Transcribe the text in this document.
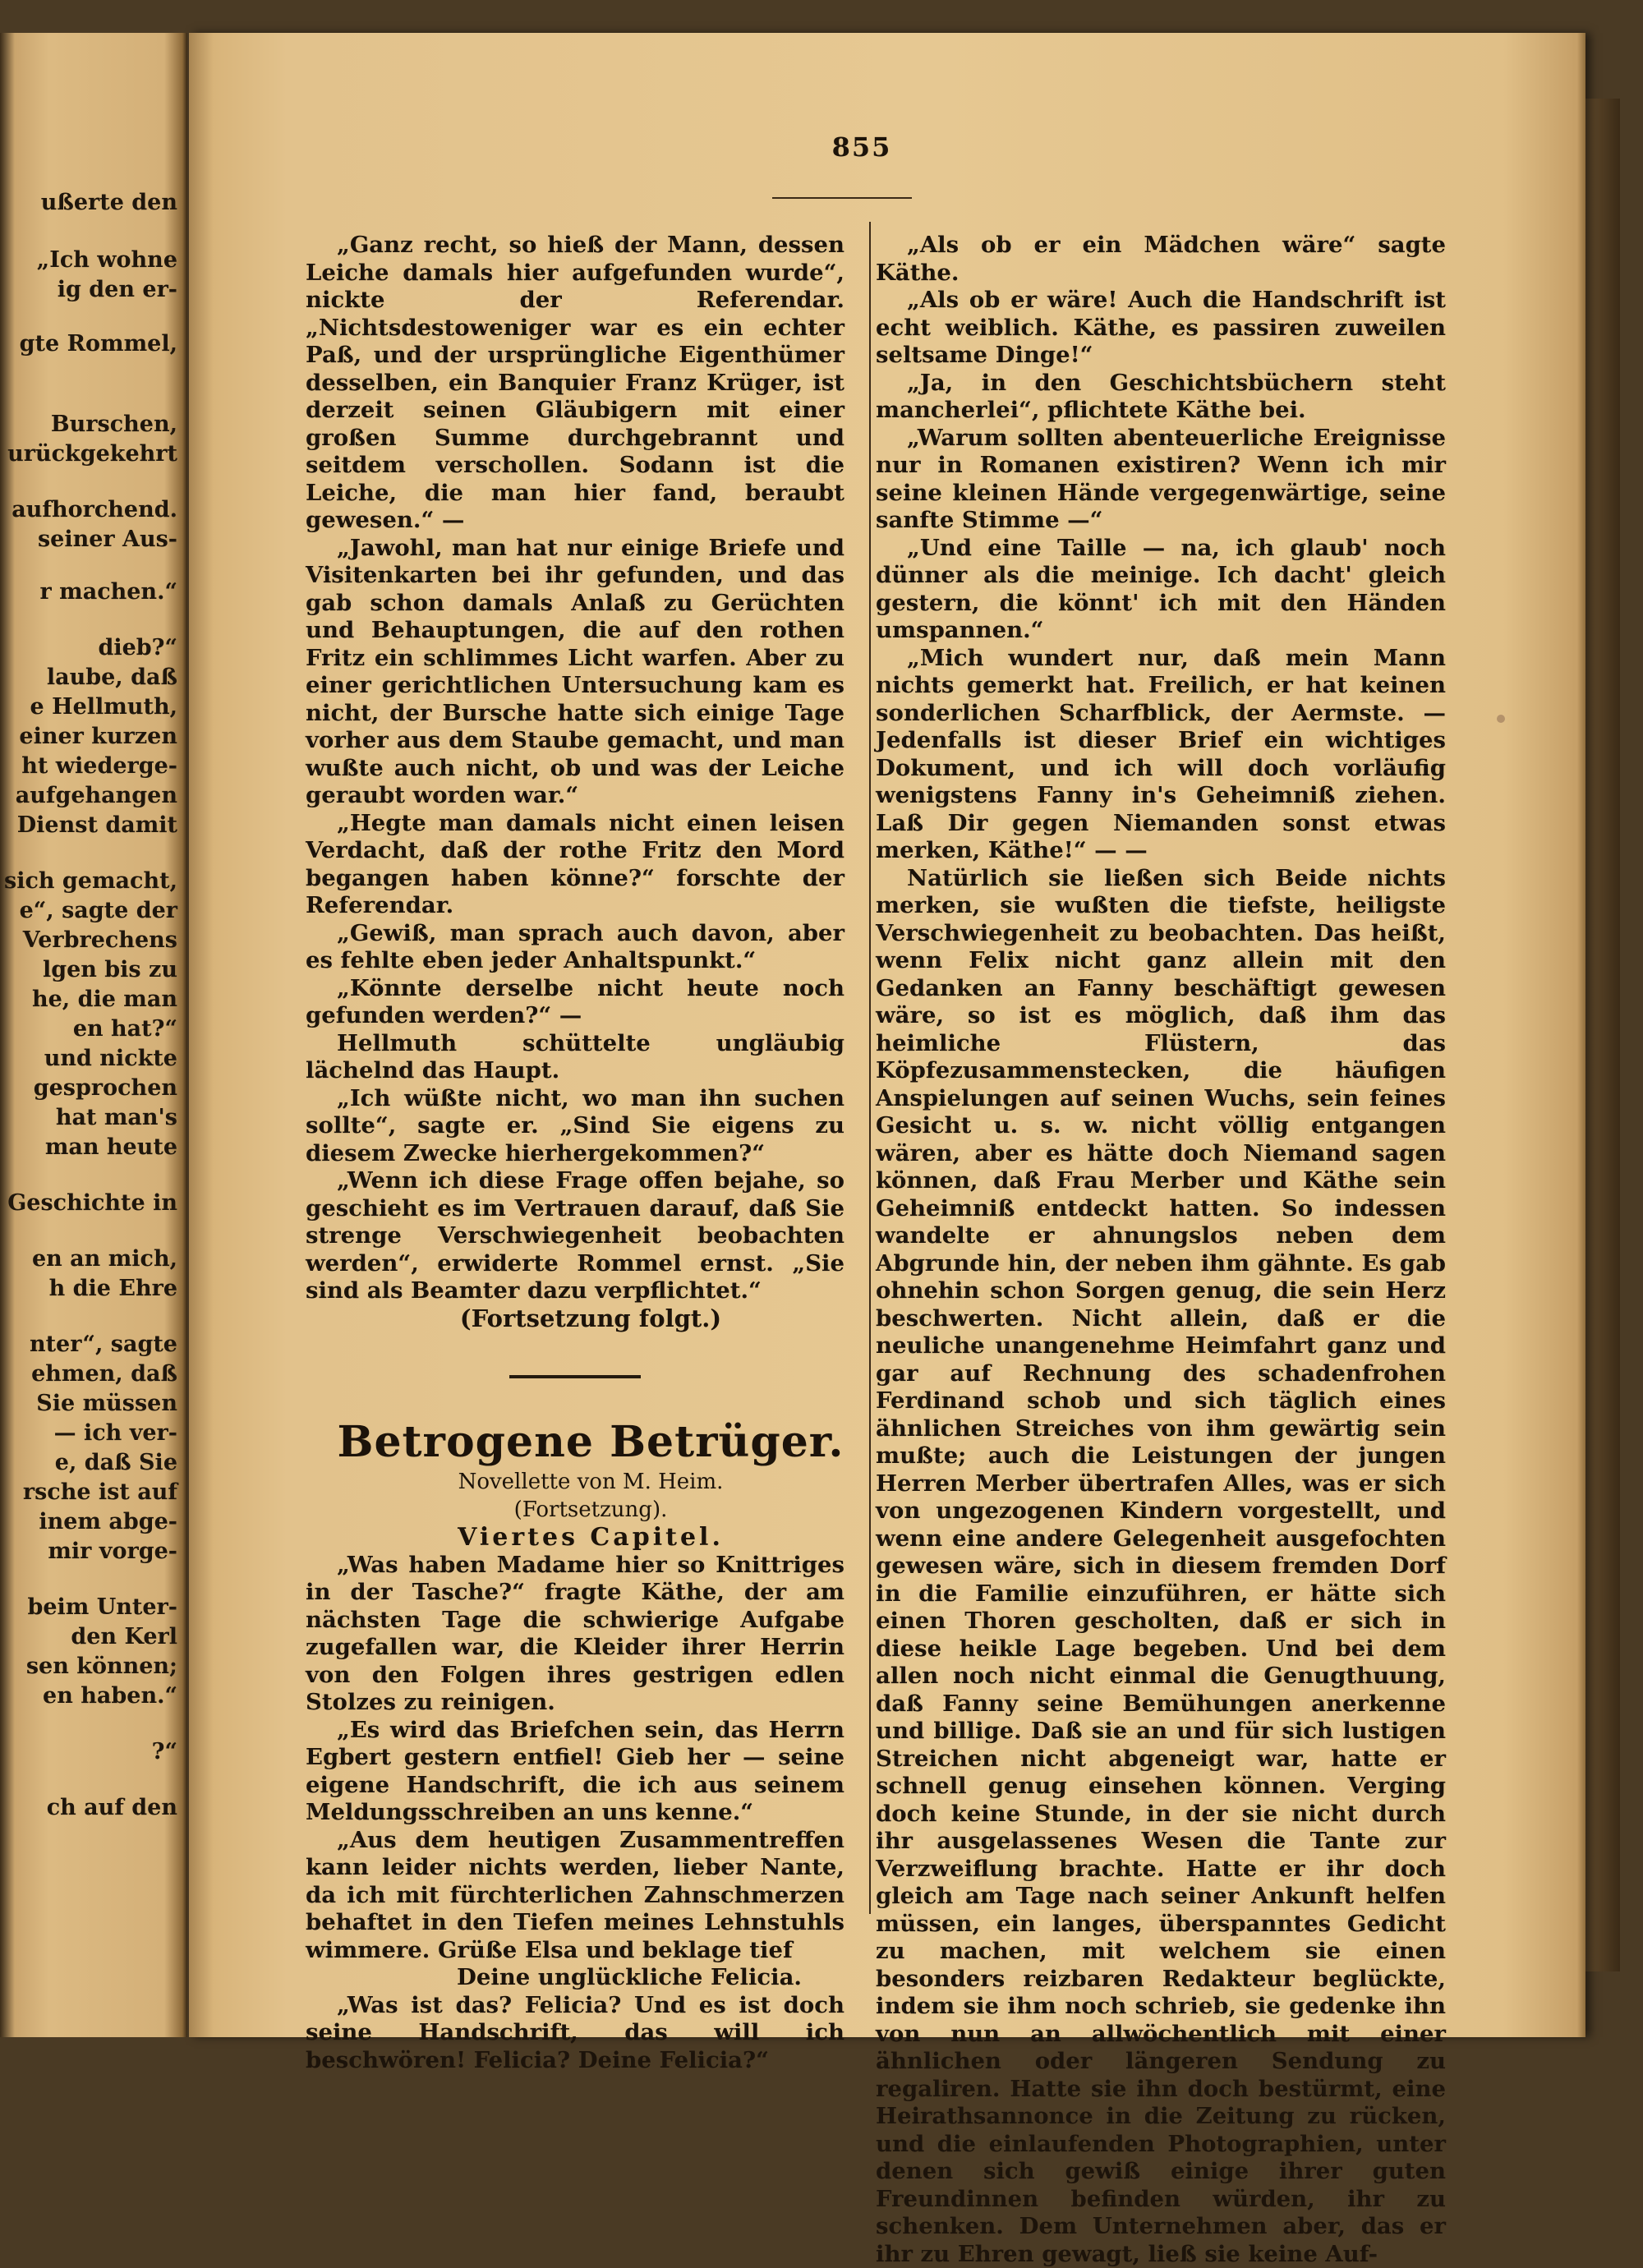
ußerte den
„Ich wohne
ig den er-
gte Rommel,
Burschen,
urückgekehrt
aufhorchend.
seiner Aus-
r machen.“
dieb?“
laube, daß
e Hellmuth,
einer kurzen
ht wiederge-
aufgehangen
Dienst damit
sich gemacht,
e“, sagte der
Verbrechens
lgen bis zu
he, die man
en hat?“
und nickte
gesprochen
hat man's
man heute
Geschichte in
en an mich,
h die Ehre
nter“, sagte
ehmen, daß
Sie müssen
— ich ver-
e, daß Sie
rsche ist auf
inem abge-
mir vorge-
beim Unter-
den Kerl
sen können;
en haben.“
?“
ch auf den
855

„Ganz recht, so hieß der Mann, dessen Leiche damals hier aufgefunden wurde“, nickte der Referendar. „Nichtsdestoweniger war es ein echter Paß, und der ursprüngliche Eigenthümer desselben, ein Banquier Franz Krüger, ist derzeit seinen Gläubigern mit einer großen Summe durchgebrannt und seitdem verschollen. Sodann ist die Leiche, die man hier fand, beraubt gewesen.“ —

„Jawohl, man hat nur einige Briefe und Visitenkarten bei ihr gefunden, und das gab schon damals Anlaß zu Gerüchten und Behauptungen, die auf den rothen Fritz ein schlimmes Licht warfen. Aber zu einer gerichtlichen Untersuchung kam es nicht, der Bursche hatte sich einige Tage vorher aus dem Staube gemacht, und man wußte auch nicht, ob und was der Leiche geraubt worden war.“

„Hegte man damals nicht einen leisen Verdacht, daß der rothe Fritz den Mord begangen haben könne?“ forschte der Referendar.

„Gewiß, man sprach auch davon, aber es fehlte eben jeder Anhaltspunkt.“

„Könnte derselbe nicht heute noch gefunden werden?“ —

Hellmuth schüttelte ungläubig lächelnd das Haupt.

„Ich wüßte nicht, wo man ihn suchen sollte“, sagte er. „Sind Sie eigens zu diesem Zwecke hierhergekommen?“

„Wenn ich diese Frage offen bejahe, so geschieht es im Vertrauen darauf, daß Sie strenge Verschwiegenheit beobachten werden“, erwiderte Rommel ernst. „Sie sind als Beamter dazu verpflichtet.“

(Fortsetzung folgt.)

Betrogene Betrüger.

Novellette von M. Heim.

(Fortsetzung).

Viertes Capitel.

„Was haben Madame hier so Knittriges in der Tasche?“ fragte Käthe, der am nächsten Tage die schwierige Aufgabe zugefallen war, die Kleider ihrer Herrin von den Folgen ihres gestrigen edlen Stolzes zu reinigen.

„Es wird das Briefchen sein, das Herrn Egbert gestern entfiel! Gieb her — seine eigene Handschrift, die ich aus seinem Meldungsschreiben an uns kenne.“

„Aus dem heutigen Zusammentreffen kann leider nichts werden, lieber Nante, da ich mit fürchterlichen Zahnschmerzen behaftet in den Tiefen meines Lehnstuhls wimmere. Grüße Elsa und beklage tief

Deine unglückliche Felicia.

„Was ist das? Felicia? Und es ist doch seine Handschrift, das will ich beschwören! Felicia? Deine Felicia?“

„Als ob er ein Mädchen wäre“ sagte Käthe.

„Als ob er wäre! Auch die Handschrift ist echt weiblich. Käthe, es passiren zuweilen seltsame Dinge!“

„Ja, in den Geschichtsbüchern steht mancherlei“, pflichtete Käthe bei.

„Warum sollten abenteuerliche Ereignisse nur in Romanen existiren? Wenn ich mir seine kleinen Hände vergegenwärtige, seine sanfte Stimme —“

„Und eine Taille — na, ich glaub' noch dünner als die meinige. Ich dacht' gleich gestern, die könnt' ich mit den Händen umspannen.“

„Mich wundert nur, daß mein Mann nichts gemerkt hat. Freilich, er hat keinen sonderlichen Scharfblick, der Aermste. — Jedenfalls ist dieser Brief ein wichtiges Dokument, und ich will doch vorläufig wenigstens Fanny in's Geheimniß ziehen. Laß Dir gegen Niemanden sonst etwas merken, Käthe!“ — —

Natürlich sie ließen sich Beide nichts merken, sie wußten die tiefste, heiligste Verschwiegenheit zu beobachten. Das heißt, wenn Felix nicht ganz allein mit den Gedanken an Fanny beschäftigt gewesen wäre, so ist es möglich, daß ihm das heimliche Flüstern, das Köpfezusammenstecken, die häufigen Anspielungen auf seinen Wuchs, sein feines Gesicht u. s. w. nicht völlig entgangen wären, aber es hätte doch Niemand sagen können, daß Frau Merber und Käthe sein Geheimniß entdeckt hatten. So indessen wandelte er ahnungslos neben dem Abgrunde hin, der neben ihm gähnte. Es gab ohnehin schon Sorgen genug, die sein Herz beschwerten. Nicht allein, daß er die neuliche unangenehme Heimfahrt ganz und gar auf Rechnung des schadenfrohen Ferdinand schob und sich täglich eines ähnlichen Streiches von ihm gewärtig sein mußte; auch die Leistungen der jungen Herren Merber übertrafen Alles, was er sich von ungezogenen Kindern vorgestellt, und wenn eine andere Gelegenheit ausgefochten gewesen wäre, sich in diesem fremden Dorf in die Familie einzuführen, er hätte sich einen Thoren gescholten, daß er sich in diese heikle Lage begeben. Und bei dem allen noch nicht einmal die Genugthuung, daß Fanny seine Bemühungen anerkenne und billige. Daß sie an und für sich lustigen Streichen nicht abgeneigt war, hatte er schnell genug einsehen können. Verging doch keine Stunde, in der sie nicht durch ihr ausgelassenes Wesen die Tante zur Verzweiflung brachte. Hatte er ihr doch gleich am Tage nach seiner Ankunft helfen müssen, ein langes, überspanntes Gedicht zu machen, mit welchem sie einen besonders reizbaren Redakteur beglückte, indem sie ihm noch schrieb, sie gedenke ihn von nun an allwöchentlich mit einer ähnlichen oder längeren Sendung zu regaliren. Hatte sie ihn doch bestürmt, eine Heirathsannonce in die Zeitung zu rücken, und die einlaufenden Photographien, unter denen sich gewiß einige ihrer guten Freundinnen befinden würden, ihr zu schenken. Dem Unternehmen aber, das er ihr zu Ehren gewagt, ließ sie keine Auf-
